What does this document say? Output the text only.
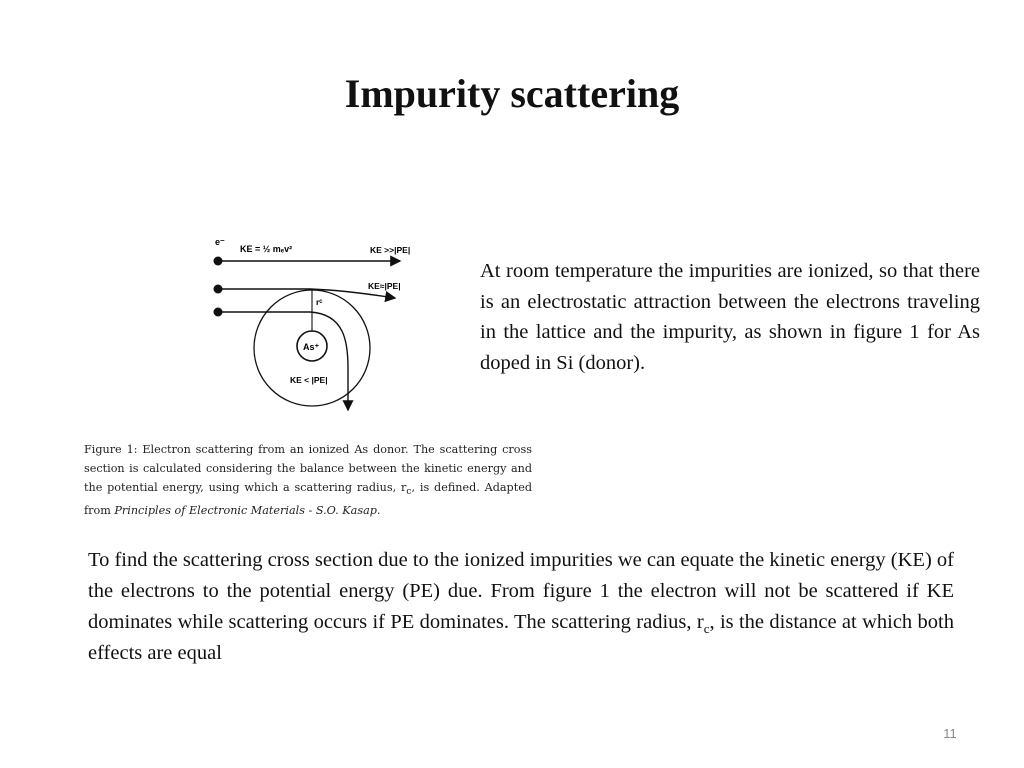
Impurity scattering
e⁻
KE = ½ mₑv²	KE >>|PE|
KE≈|PE|
As⁺
rᶜ
KE < |PE|
At room temperature the impurities are ionized, so that there is an electrostatic attraction between the electrons traveling in the lattice and the impurity, as shown in figure 1 for As doped in Si (donor).
Figure 1: Electron scattering from an ionized As donor. The scattering cross section is calculated considering the balance between the kinetic energy and the potential energy, using which a scattering radius, $r_c$, is defined. Adapted from Principles of Electronic Materials - S.O. Kasap.
To find the scattering cross section due to the ionized impurities we can equate the kinetic energy (KE) of the electrons to the potential energy (PE) due. From figure 1 the electron will not be scattered if KE dominates while scattering occurs if PE dominates. The scattering radius, $r_c$, is the distance at which both effects are equal
11
